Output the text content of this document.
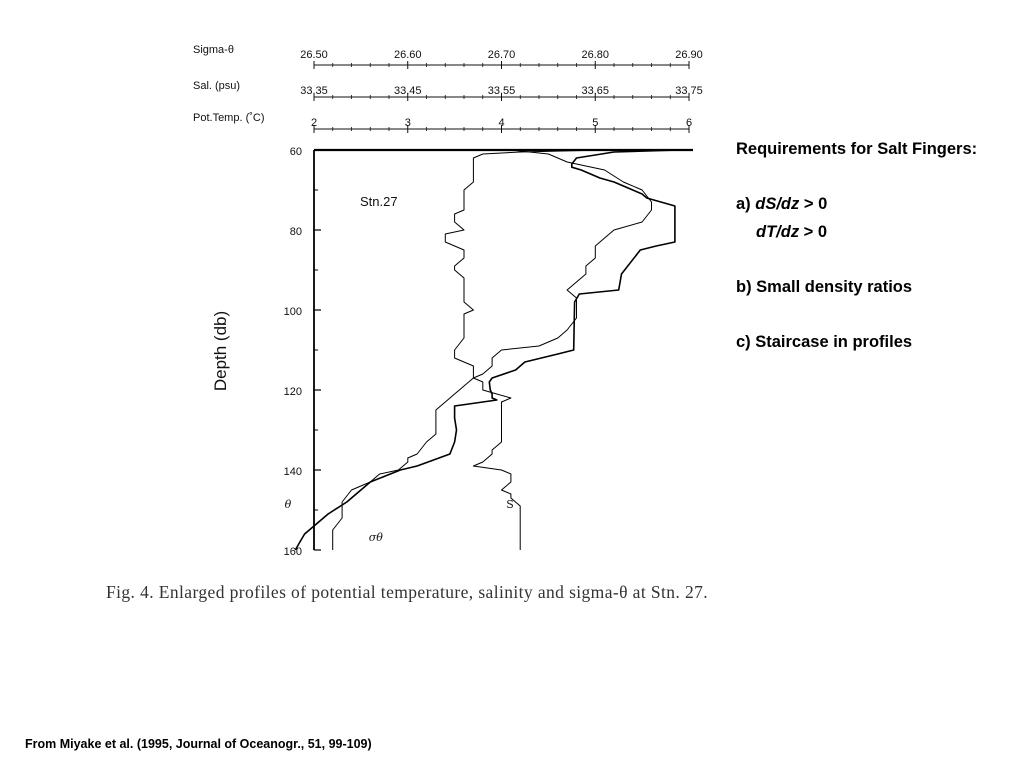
Sigma-θ	26.50	26.60	26.70	26.80	26.90
Sal. (psu)	33.35	33.45	33.55	33.65	33.75
Pot.Temp. (˚C)	2	3	4	5	6
60
80
100
120
140
160
θ	S
σθ
Stn.27
Depth (db)
Fig. 4. Enlarged profiles of potential temperature, salinity and sigma-θ at Stn. 27.
Requirements for Salt Fingers:
a) dS/dz > 0
dT/dz > 0
b) Small density ratios
c) Staircase in profiles
From Miyake et al. (1995, Journal of Oceanogr., 51, 99-109)
